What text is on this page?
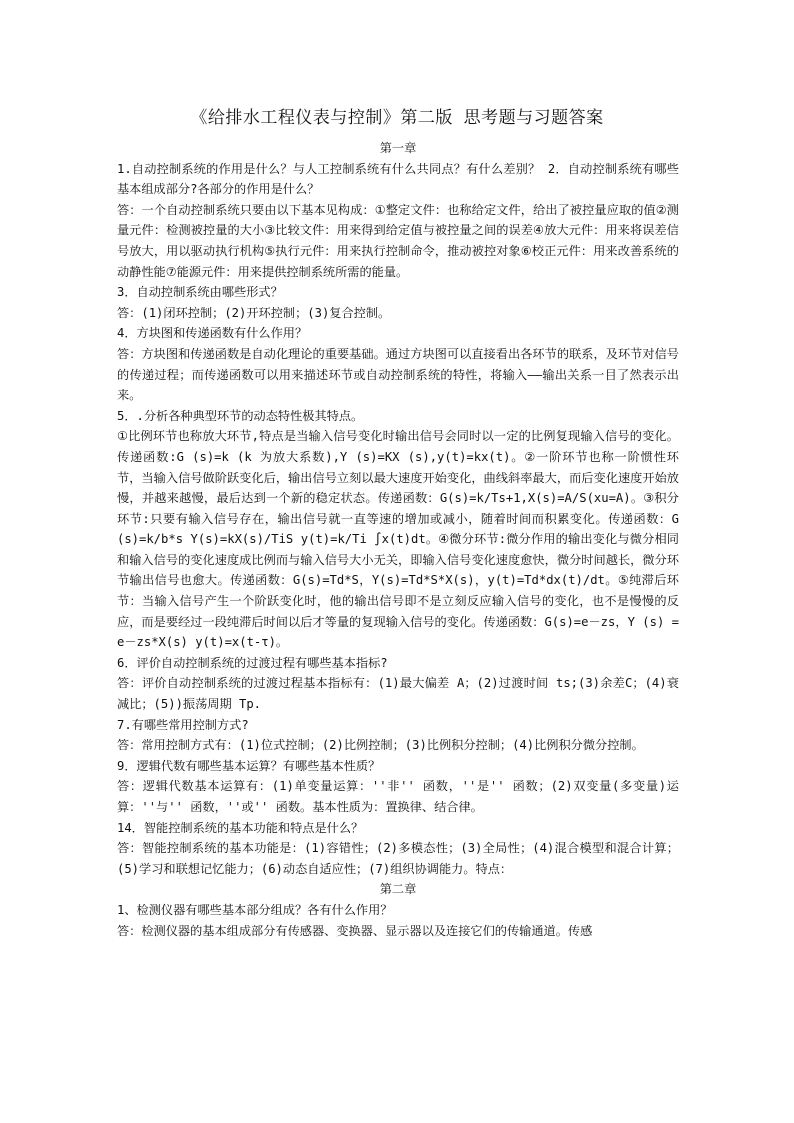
《给排水工程仪表与控制》第二版 思考题与习题答案

第一章

1.自动控制系统的作用是什么？与人工控制系统有什么共同点？有什么差别？ 2．自动控制系统有哪些基本组成部分?各部分的作用是什么？

答：一个自动控制系统只要由以下基本见构成：①整定文件：也称给定文件，给出了被控量应取的值②测量元件：检测被控量的大小③比较文件：用来得到给定值与被控量之间的误差④放大元件：用来将误差信号放大，用以驱动执行机构⑤执行元件：用来执行控制命令，推动被控对象⑥校正元件：用来改善系统的动静性能⑦能源元件：用来提供控制系统所需的能量。

3．自动控制系统由哪些形式？

答：(1)闭环控制；(2)开环控制；(3)复合控制。

4．方块图和传递函数有什么作用？

答：方块图和传递函数是自动化理论的重要基础。通过方块图可以直接看出各环节的联系，及环节对信号的传递过程；而传递函数可以用来描述环节或自动控制系统的特性，将输入——输出关系一目了然表示出来。

5．.分析各种典型环节的动态特性极其特点。

①比例环节也称放大环节,特点是当输入信号变化时输出信号会同时以一定的比例复现输入信号的变化。传递函数:G (s)=k (k 为放大系数),Y (s)=KX (s),y(t)=kx(t)。②一阶环节也称一阶惯性环节，当输入信号做阶跃变化后，输出信号立刻以最大速度开始变化，曲线斜率最大，而后变化速度开始放慢，并越来越慢，最后达到一个新的稳定状态。传递函数：G(s)=k/Ts+1,X(s)=A/S(xu=A)。③积分环节:只要有输入信号存在，输出信号就一直等速的增加或减小，随着时间而积累变化。传递函数：G (s)=k/b*s Y(s)=kX(s)/TiS y(t)=k/Ti ∫x(t)dt。④微分环节:微分作用的输出变化与微分相同和输入信号的变化速度成比例而与输入信号大小无关，即输入信号变化速度愈快，微分时间越长，微分环节输出信号也愈大。传递函数：G(s)=Td*S，Y(s)=Td*S*X(s)，y(t)=Td*dx(t)/dt。⑤纯滞后环节：当输入信号产生一个阶跃变化时，他的输出信号即不是立刻反应输入信号的变化，也不是慢慢的反应，而是要经过一段纯滞后时间以后才等量的复现输入信号的变化。传递函数：G(s)=e－zs，Y (s) =e－zs*X(s) y(t)=x(t-τ)。

6．评价自动控制系统的过渡过程有哪些基本指标?

答：评价自动控制系统的过渡过程基本指标有：(1)最大偏差 A；(2)过渡时间 ts;(3)余差C；(4)衰减比；(5))振荡周期 Tp.

7.有哪些常用控制方式?

答：常用控制方式有：(1)位式控制；(2)比例控制；(3)比例积分控制；(4)比例积分微分控制。

9．逻辑代数有哪些基本运算？有哪些基本性质？

答：逻辑代数基本运算有：(1)单变量运算：''非'' 函数，''是'' 函数；(2)双变量(多变量)运算：''与'' 函数，''或'' 函数。基本性质为：置换律、结合律。

14．智能控制系统的基本功能和特点是什么？

答：智能控制系统的基本功能是：(1)容错性；(2)多模态性；(3)全局性；(4)混合模型和混合计算；(5)学习和联想记忆能力；(6)动态自适应性；(7)组织协调能力。特点：

第二章

1、检测仪器有哪些基本部分组成？各有什么作用？

答：检测仪器的基本组成部分有传感器、变换器、显示器以及连接它们的传输通道。传感
